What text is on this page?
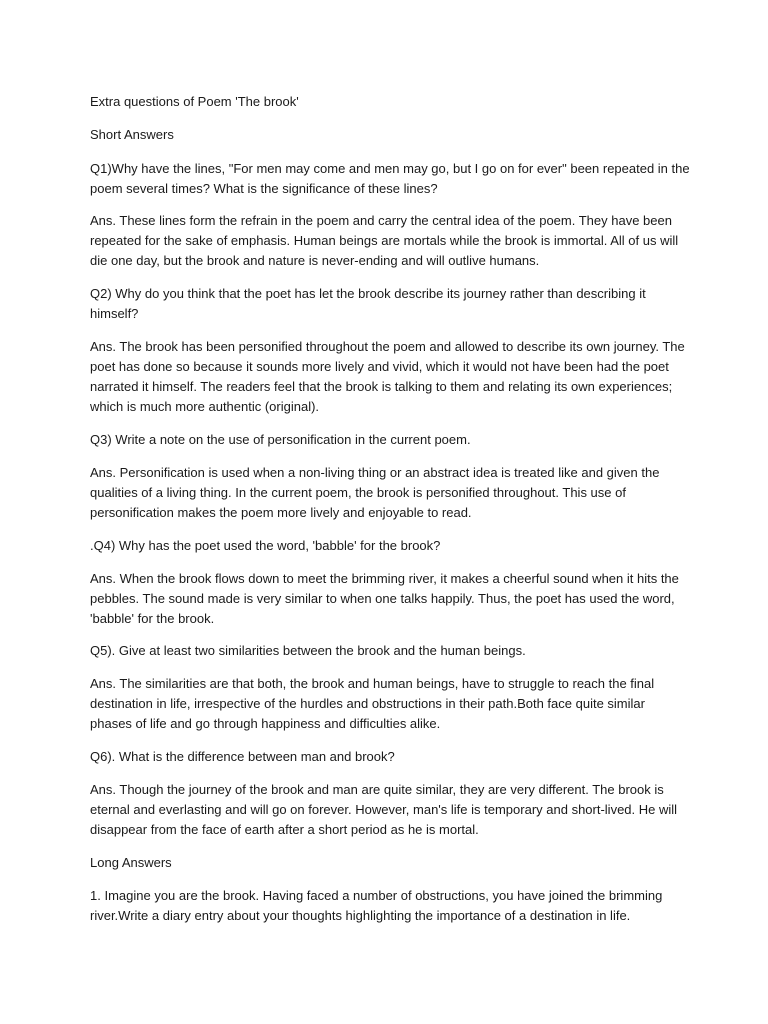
Extra questions of Poem 'The brook'

Short Answers

Q1)Why have the lines, "For men may come and men may go, but I go on for ever" been repeated in the poem several times? What is the significance of these lines?

Ans. These lines form the refrain in the poem and carry the central idea of the poem. They have been repeated for the sake of emphasis. Human beings are mortals while the brook is immortal. All of us will die one day, but the brook and nature is never-ending and will outlive humans.

Q2) Why do you think that the poet has let the brook describe its journey rather than describing it himself?

Ans. The brook has been personified throughout the poem and allowed to describe its own journey. The poet has done so because it sounds more lively and vivid, which it would not have been had the poet narrated it himself. The readers feel that the brook is talking to them and relating its own experiences; which is much more authentic (original).

Q3) Write a note on the use of personification in the current poem.

Ans. Personification is used when a non-living thing or an abstract idea is treated like and given the qualities of a living thing. In the current poem, the brook is personified throughout. This use of personification makes the poem more lively and enjoyable to read.

.Q4) Why has the poet used the word, 'babble' for the brook?

Ans. When the brook flows down to meet the brimming river, it makes a cheerful sound when it hits the pebbles. The sound made is very similar to when one talks happily. Thus, the poet has used the word, 'babble' for the brook.

Q5). Give at least two similarities between the brook and the human beings.

Ans. The similarities are that both, the brook and human beings, have to struggle to reach the final destination in life, irrespective of the hurdles and obstructions in their path.Both face quite similar phases of life and go through happiness and difficulties alike.

Q6). What is the difference between man and brook?

Ans. Though the journey of the brook and man are quite similar, they are very different. The brook is eternal and everlasting and will go on forever. However, man's life is temporary and short-lived. He will disappear from the face of earth after a short period as he is mortal.

Long Answers

1. Imagine you are the brook. Having faced a number of obstructions, you have joined the brimming river.Write a diary entry about your thoughts highlighting the importance of a destination in life.
